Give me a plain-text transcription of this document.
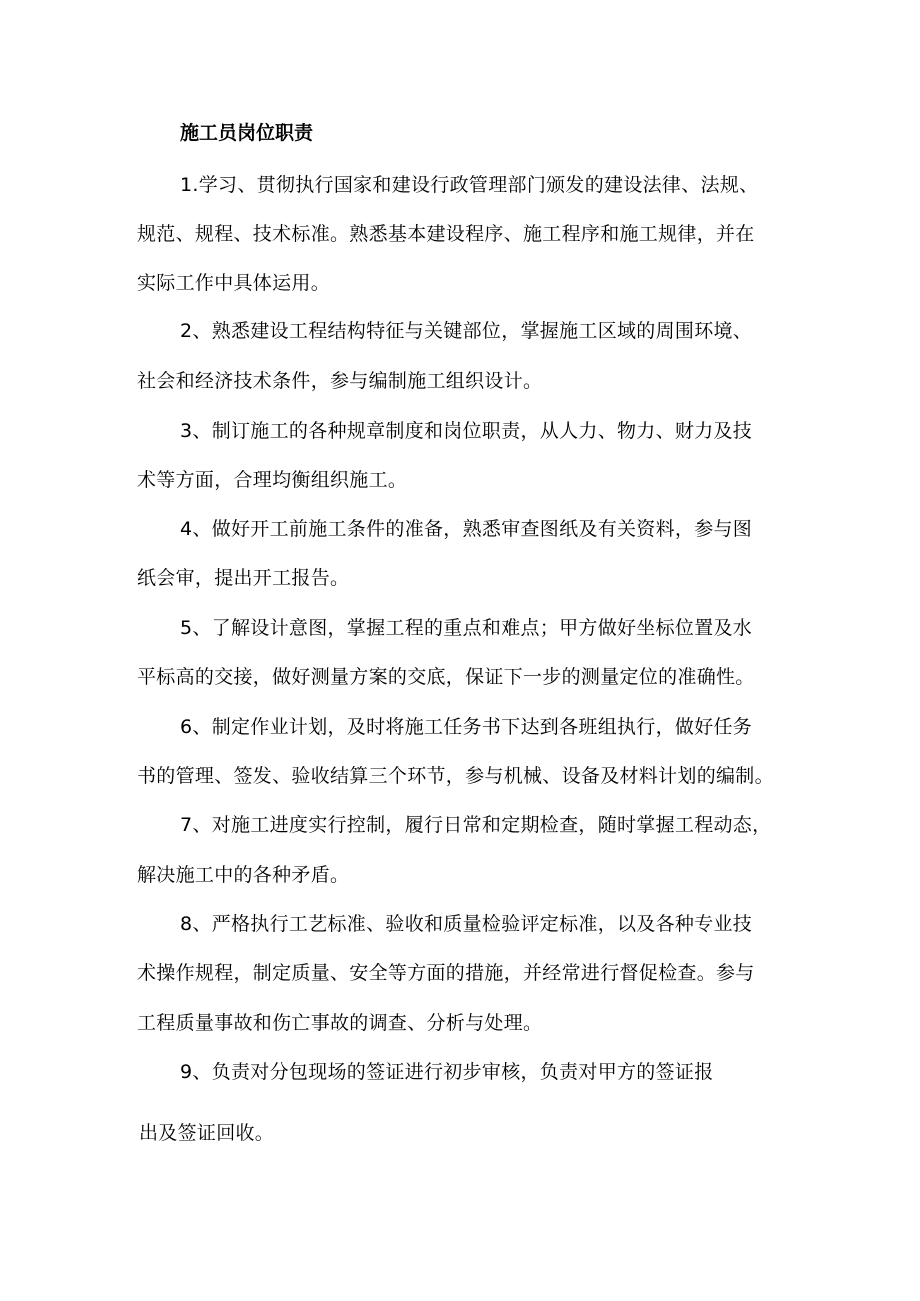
施工员岗位职责
1.学习、贯彻执行国家和建设行政管理部门颁发的建设法律、法规、
规范、规程、技术标准。熟悉基本建设程序、施工程序和施工规律，并在
实际工作中具体运用。
2、熟悉建设工程结构特征与关键部位，掌握施工区域的周围环境、
社会和经济技术条件，参与编制施工组织设计。
3、制订施工的各种规章制度和岗位职责，从人力、物力、财力及技
术等方面，合理均衡组织施工。
4、做好开工前施工条件的准备，熟悉审查图纸及有关资料，参与图
纸会审，提出开工报告。
5、了解设计意图，掌握工程的重点和难点；甲方做好坐标位置及水
平标高的交接，做好测量方案的交底，保证下一步的测量定位的准确性。
6、制定作业计划，及时将施工任务书下达到各班组执行，做好任务
书的管理、签发、验收结算三个环节，参与机械、设备及材料计划的编制。
7、对施工进度实行控制，履行日常和定期检查，随时掌握工程动态，
解决施工中的各种矛盾。
8、严格执行工艺标准、验收和质量检验评定标准，以及各种专业技
术操作规程，制定质量、安全等方面的措施，并经常进行督促检查。参与
工程质量事故和伤亡事故的调查、分析与处理。
9、负责对分包现场的签证进行初步审核，负责对甲方的签证报
出及签证回收。
